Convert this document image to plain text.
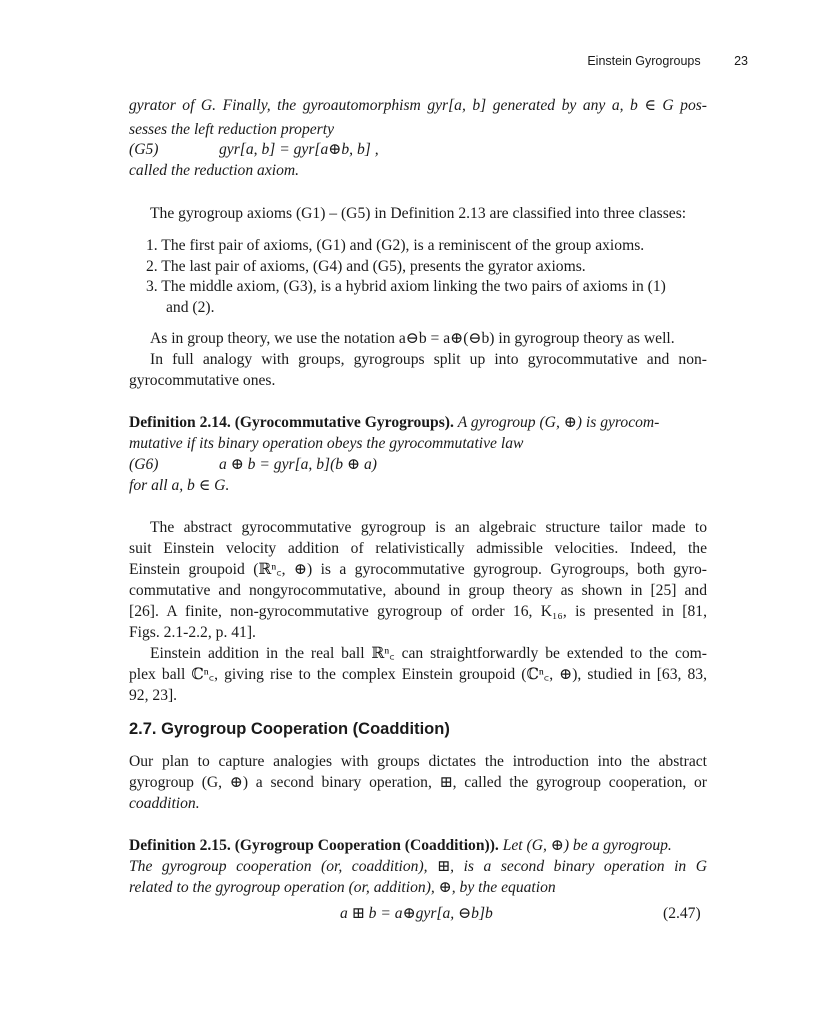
Einstein Gyrogroups	23
gyrator of G. Finally, the gyroautomorphism gyr[a, b] generated by any a, b ∈ G pos-
sesses the left reduction property
(G5)	gyr[a, b] = gyr[a⊕b, b] ,
called the reduction axiom.
The gyrogroup axioms (G1) – (G5) in Definition 2.13 are classified into three classes:
1. The first pair of axioms, (G1) and (G2), is a reminiscent of the group axioms.
2. The last pair of axioms, (G4) and (G5), presents the gyrator axioms.
3. The middle axiom, (G3), is a hybrid axiom linking the two pairs of axioms in (1)
and (2).
As in group theory, we use the notation a⊖b = a⊕(⊖b) in gyrogroup theory as well.
In full analogy with groups, gyrogroups split up into gyrocommutative and non-
gyrocommutative ones.
Definition 2.14. (Gyrocommutative Gyrogroups). A gyrogroup (G, ⊕) is gyrocom-
mutative if its binary operation obeys the gyrocommutative law
(G6)	a ⊕ b = gyr[a, b](b ⊕ a)
for all a, b ∈ G.
The abstract gyrocommutative gyrogroup is an algebraic structure tailor made to
suit Einstein velocity addition of relativistically admissible velocities. Indeed, the
Einstein groupoid (ℝⁿ꜀, ⊕) is a gyrocommutative gyrogroup. Gyrogroups, both gyro-
commutative and nongyrocommutative, abound in group theory as shown in [25] and
[26]. A finite, non-gyrocommutative gyrogroup of order 16, K₁₆, is presented in [81,
Figs. 2.1-2.2, p. 41].
Einstein addition in the real ball ℝⁿ꜀ can straightforwardly be extended to the com-
plex ball ℂⁿ꜀, giving rise to the complex Einstein groupoid (ℂⁿ꜀, ⊕), studied in [63, 83,
92, 23].
2.7. Gyrogroup Cooperation (Coaddition)
Our plan to capture analogies with groups dictates the introduction into the abstract
gyrogroup (G, ⊕) a second binary operation, ⊞, called the gyrogroup cooperation, or
coaddition.
Definition 2.15. (Gyrogroup Cooperation (Coaddition)). Let (G, ⊕) be a gyrogroup.
The gyrogroup cooperation (or, coaddition), ⊞, is a second binary operation in G
related to the gyrogroup operation (or, addition), ⊕, by the equation
a ⊞ b = a⊕gyr[a, ⊖b]b	(2.47)
